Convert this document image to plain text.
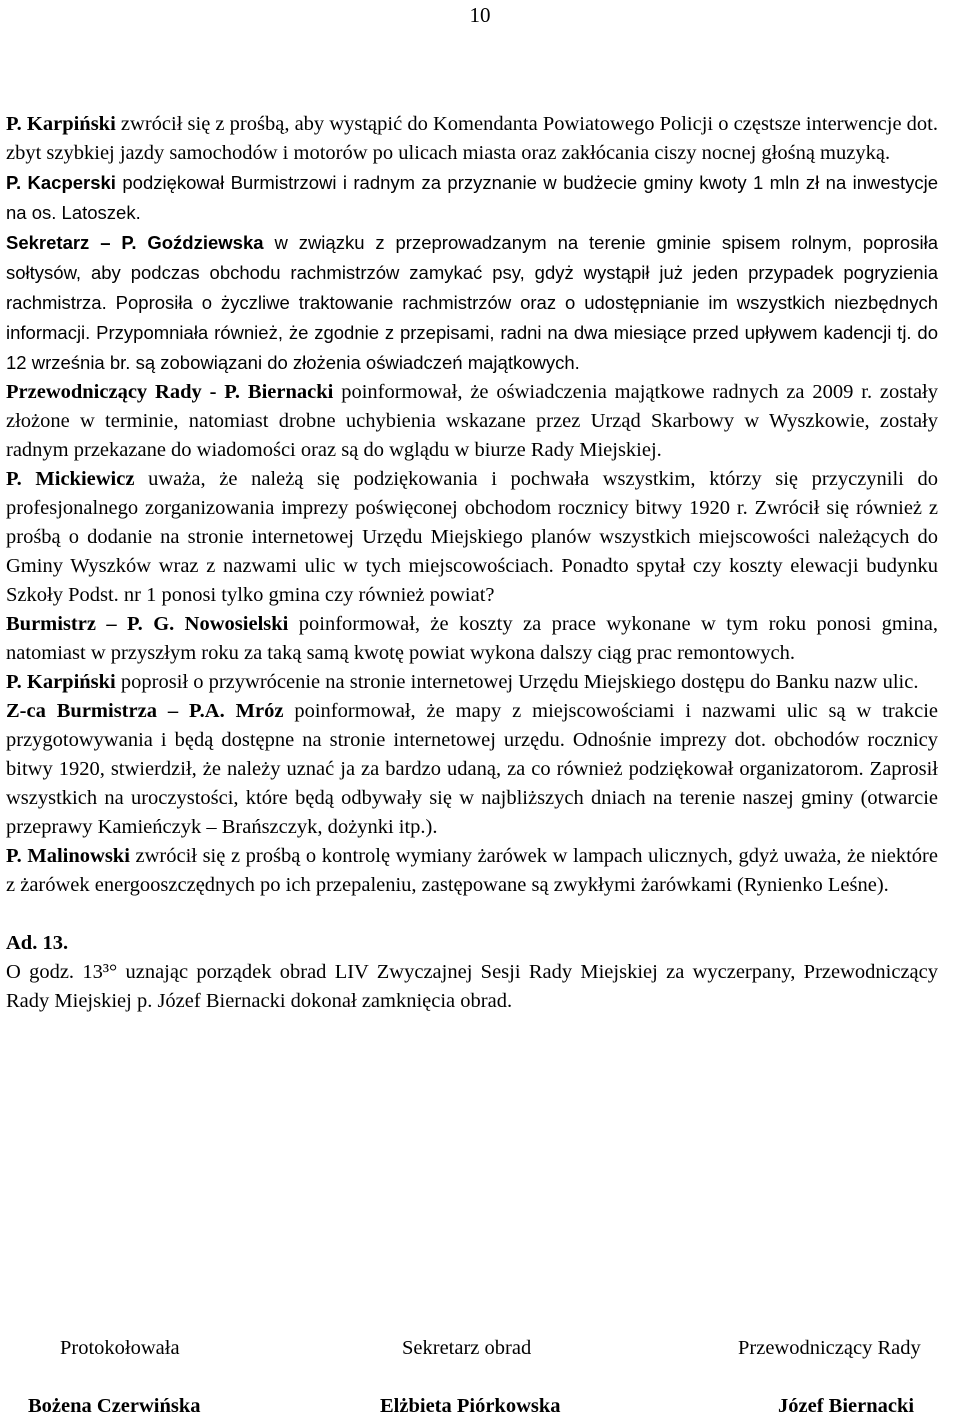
10

P. Karpiński zwrócił się z prośbą, aby wystąpić do Komendanta Powiatowego Policji o częstsze interwencje dot. zbyt szybkiej jazdy samochodów i motorów po ulicach miasta oraz zakłócania ciszy nocnej głośną muzyką.

P. Kacperski podziękował Burmistrzowi i radnym za przyznanie w budżecie gminy kwoty 1 mln zł na inwestycje na os. Latoszek.

Sekretarz – P. Goździewska w związku z przeprowadzanym na terenie gminie spisem rolnym, poprosiła sołtysów, aby podczas obchodu rachmistrzów zamykać psy, gdyż wystąpił już jeden przypadek pogryzienia rachmistrza. Poprosiła o życzliwe traktowanie rachmistrzów oraz o udostępnianie im wszystkich niezbędnych informacji. Przypomniała również, że zgodnie z przepisami, radni na dwa miesiące przed upływem kadencji tj. do 12 września br. są zobowiązani do złożenia oświadczeń majątkowych.

Przewodniczący Rady - P. Biernacki poinformował, że oświadczenia majątkowe radnych za 2009 r. zostały złożone w terminie, natomiast drobne uchybienia wskazane przez Urząd Skarbowy w Wyszkowie, zostały radnym przekazane do wiadomości oraz są do wglądu w biurze Rady Miejskiej.

P. Mickiewicz uważa, że należą się podziękowania i pochwała wszystkim, którzy się przyczynili do profesjonalnego zorganizowania imprezy poświęconej obchodom rocznicy bitwy 1920 r. Zwrócił się również z prośbą o dodanie na stronie internetowej Urzędu Miejskiego planów wszystkich miejscowości należących do Gminy Wyszków wraz z nazwami ulic w tych miejscowościach. Ponadto spytał czy koszty elewacji budynku Szkoły Podst. nr 1 ponosi tylko gmina czy również powiat?

Burmistrz – P. G. Nowosielski poinformował, że koszty za prace wykonane w tym roku ponosi gmina, natomiast w przyszłym roku za taką samą kwotę powiat wykona dalszy ciąg prac remontowych.

P. Karpiński poprosił o przywrócenie na stronie internetowej Urzędu Miejskiego dostępu do Banku nazw ulic.

Z-ca Burmistrza – P.A. Mróz poinformował, że mapy z miejscowościami i nazwami ulic są w trakcie przygotowywania i będą dostępne na stronie internetowej urzędu. Odnośnie imprezy dot. obchodów rocznicy bitwy 1920, stwierdził, że należy uznać ja za bardzo udaną, za co również podziękował organizatorom. Zaprosił wszystkich na uroczystości, które będą odbywały się w najbliższych dniach na terenie naszej gminy (otwarcie przeprawy Kamieńczyk – Brańszczyk, dożynki itp.).

P. Malinowski zwrócił się z prośbą o kontrolę wymiany żarówek w lampach ulicznych, gdyż uważa, że niektóre z żarówek energooszczędnych po ich przepaleniu, zastępowane są zwykłymi żarówkami (Rynienko Leśne).

Ad. 13.

O godz. 13³° uznając porządek obrad LIV Zwyczajnej Sesji Rady Miejskiej za wyczerpany, Przewodniczący Rady Miejskiej p. Józef Biernacki dokonał zamknięcia obrad.

Protokołowała	Sekretarz obrad	Przewodniczący Rady
Bożena Czerwińska	Elżbieta Piórkowska	Józef Biernacki
